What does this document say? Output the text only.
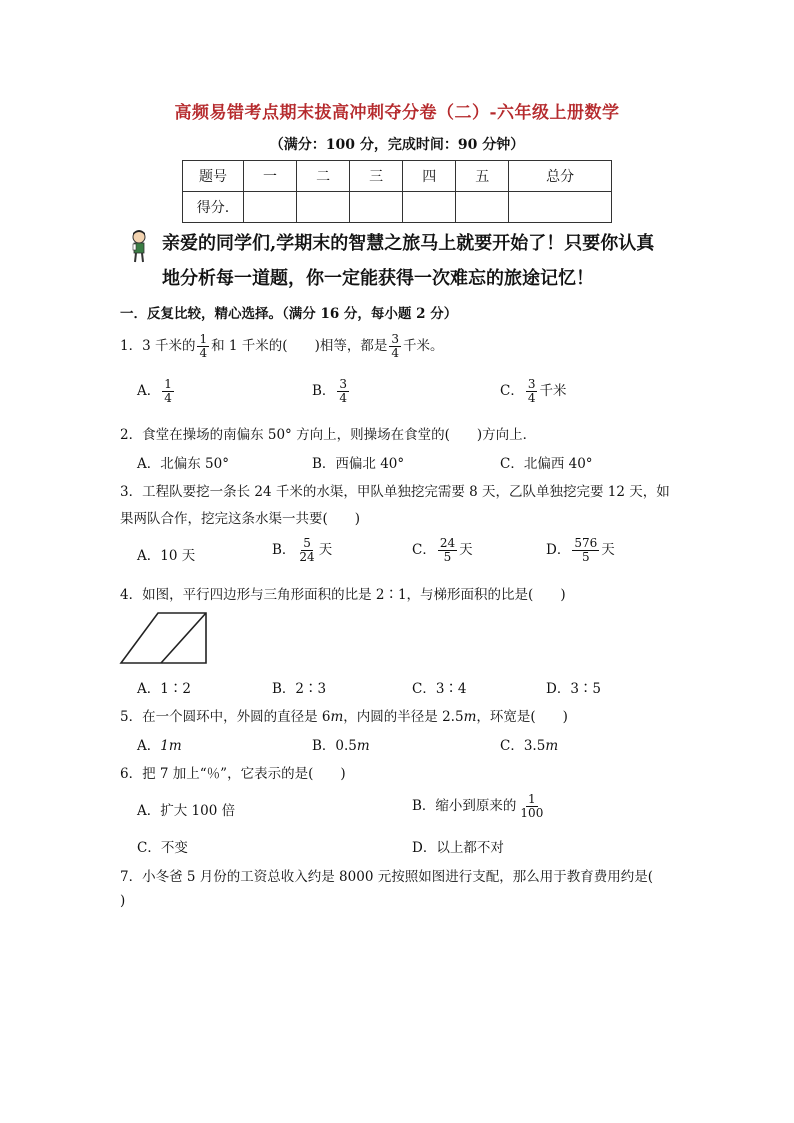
高频易错考点期末拔高冲刺夺分卷（二）-六年级上册数学
（满分：100 分，完成时间：90 分钟）
题号	一	二	三	四	五	总分
得分.						
亲爱的同学们,学期末的智慧之旅马上就要开始了！只要你认真
地分析每一道题，你一定能获得一次难忘的旅途记忆！
一．反复比较，精心选择。（满分 16 分，每小题 2 分）
1．3 千米的 $\frac{1}{4}$ 和 1 千米的(　　)相等，都是 $\frac{3}{4}$ 千米。
A． $\frac{1}{4}$	B． $\frac{3}{4}$	C． $\frac{3}{4}$ 千米
2．食堂在操场的南偏东 50° 方向上，则操场在食堂的(　　)方向上．
A．北偏东 50°	B．西偏北 40°	C．北偏西 40°
3．工程队要挖一条长 24 千米的水渠，甲队单独挖完需要 8 天，乙队单独挖完要 12 天，如
果两队合作，挖完这条水渠一共要(　　)
A．10 天	B． $\frac{5}{24}$ 天	C． $\frac{24}{5}$ 天	D． $\frac{576}{5}$ 天
4．如图，平行四边形与三角形面积的比是 2∶1，与梯形面积的比是(　　)
A．1∶2	B．2∶3	C．3∶4	D．3∶5
5．在一个圆环中，外圆的直径是 6m，内圆的半径是 2.5m，环宽是(　　)
A．1m	B．0.5m	C．3.5m
6．把 7 加上“％”，它表示的是(　　)
A．扩大 100 倍	B．缩小到原来的 $\frac{1}{100}$
C．不变	D．以上都不对
7．小冬爸 5 月份的工资总收入约是 8000 元按照如图进行支配，那么用于教育费用约是(
)
